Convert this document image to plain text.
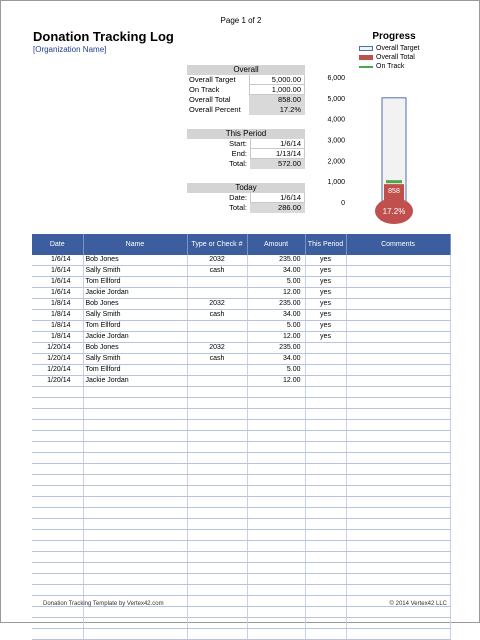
Page 1 of 2
Donation Tracking Log
[Organization Name]
Overall
Overall Target	5,000.00
On Track	1,000.00
Overall Total	858.00
Overall Percent	17.2%
This Period
Start:	1/6/14
End:	1/13/14
Total:	572.00
Today
Date:	1/6/14
Total:	286.00
Progress
Overall Target
Overall Total
On Track
6,000
5,000
4,000
3,000
2,000
1,000
0
858
17.2%
Date	Name	Type or Check #	Amount	This Period	Comments
1/6/14	Bob Jones	2032	235.00	yes	
1/6/14	Sally Smith	cash	34.00	yes	
1/6/14	Tom Ellford		5.00	yes	
1/6/14	Jackie Jordan		12.00	yes	
1/8/14	Bob Jones	2032	235.00	yes	
1/8/14	Sally Smith	cash	34.00	yes	
1/8/14	Tom Ellford		5.00	yes	
1/8/14	Jackie Jordan		12.00	yes	
1/20/14	Bob Jones	2032	235.00		
1/20/14	Sally Smith	cash	34.00		
1/20/14	Tom Ellford		5.00		
1/20/14	Jackie Jordan		12.00		

Donation Tracking Template by Vertex42.com	© 2014 Vertex42 LLC
